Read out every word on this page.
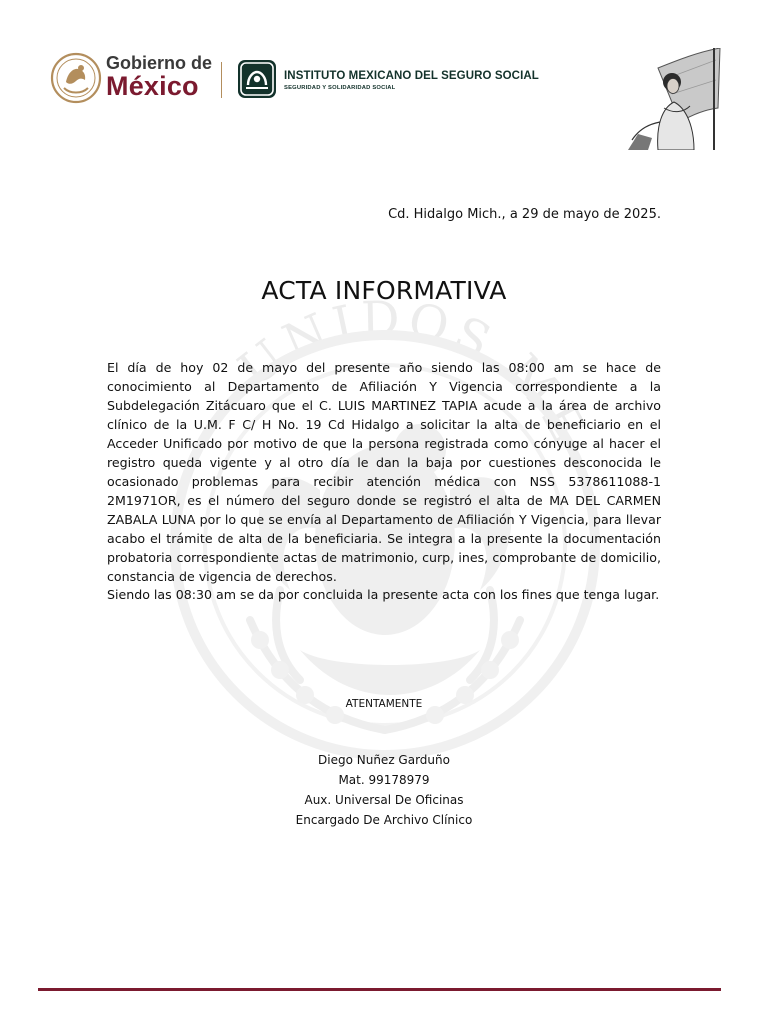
UNIDOS ME
Gobierno de
México	INSTITUTO MEXICANO DEL SEGURO SOCIAL
SEGURIDAD Y SOLIDARIDAD SOCIAL
Cd. Hidalgo Mich., a 29 de mayo de 2025.
ACTA INFORMATIVA
El día de hoy 02 de mayo del presente año siendo las 08:00 am se hace de conocimiento al Departamento de Afiliación Y Vigencia correspondiente a la Subdelegación Zitácuaro que el C. LUIS MARTINEZ TAPIA acude a la área de archivo clínico de la U.M. F C/ H No. 19 Cd Hidalgo a solicitar la alta de beneficiario en el Acceder Unificado por motivo de que la persona registrada como cónyuge al hacer el registro queda vigente y al otro día le dan la baja por cuestiones desconocida le ocasionado problemas para recibir atención médica con NSS 5378611088-1 2M1971OR, es el número del seguro donde se registró el alta de MA DEL CARMEN ZABALA LUNA por lo que se envía al Departamento de Afiliación Y Vigencia, para llevar acabo el trámite de alta de la beneficiaria. Se integra a la presente la documentación probatoria correspondiente actas de matrimonio, curp, ines, comprobante de domicilio, constancia de vigencia de derechos.
Siendo las 08:30 am se da por concluida la presente acta con los fines que tenga lugar.
ATENTAMENTE
Diego Nuñez Garduño
Mat. 99178979
Aux. Universal De Oficinas
Encargado De Archivo Clínico
